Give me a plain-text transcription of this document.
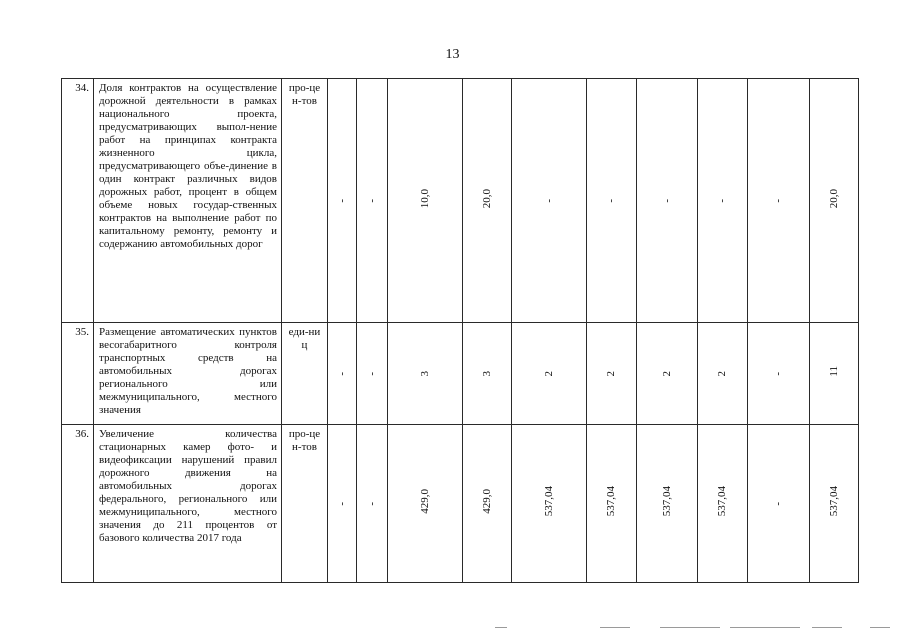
13
34.	Доля контрактов на осуществление дорожной деятельности в рамках национального проекта, предусматривающих выпол-нение работ на принципах контракта жизненного цикла, предусматривающего объе-динение в один контракт различных видов дорожных работ, процент в общем объеме новых государ-ственных контрактов на выполнение работ по капитальному ремонту, ремонту и содержанию автомобильных дорог	про-цен-тов	-	-	10,0	20,0	-	-	-	-	-	20,0
35.	Размещение автоматических пунктов весогабаритного контроля транспортных средств на автомобильных дорогах регионального или межмуниципального, местного значения	еди-ниц	-	-	3	3	2	2	2	2	-	11
36.	Увеличение количества стационарных камер фото- и видеофиксации нарушений правил дорожного движения на автомобильных дорогах федерального, регионального или межмуниципального, местного значения до 211 процентов от базового количества 2017 года	про-цен-тов	-	-	429,0	429,0	537,04	537,04	537,04	537,04	-	537,04
